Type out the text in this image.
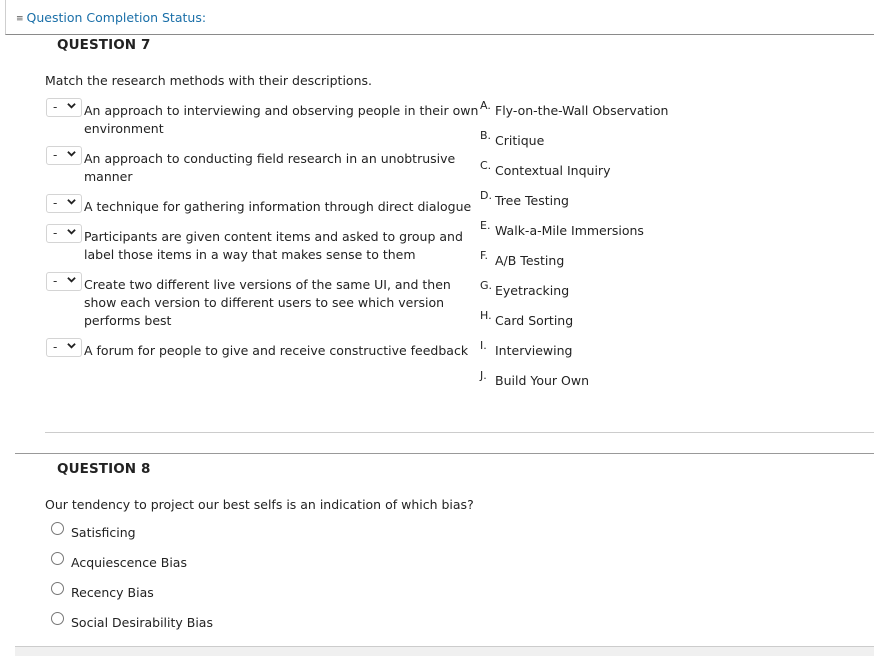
≡ Question Completion Status:
QUESTION 7
Match the research methods with their descriptions.
- An approach to interviewing and observing people in their own environment
- An approach to conducting field research in an unobtrusive manner
- A technique for gathering information through direct dialogue
- Participants are given content items and asked to group and label those items in a way that makes sense to them
- Create two different live versions of the same UI, and then show each version to different users to see which version performs best
- A forum for people to give and receive constructive feedback
A. Fly-on-the-Wall Observation
B. Critique
C. Contextual Inquiry
D. Tree Testing
E. Walk-a-Mile Immersions
F. A/B Testing
G. Eyetracking
H. Card Sorting
I. Interviewing
J. Build Your Own
QUESTION 8
Our tendency to project our best selfs is an indication of which bias?
Satisficing
Acquiescence Bias
Recency Bias
Social Desirability Bias
